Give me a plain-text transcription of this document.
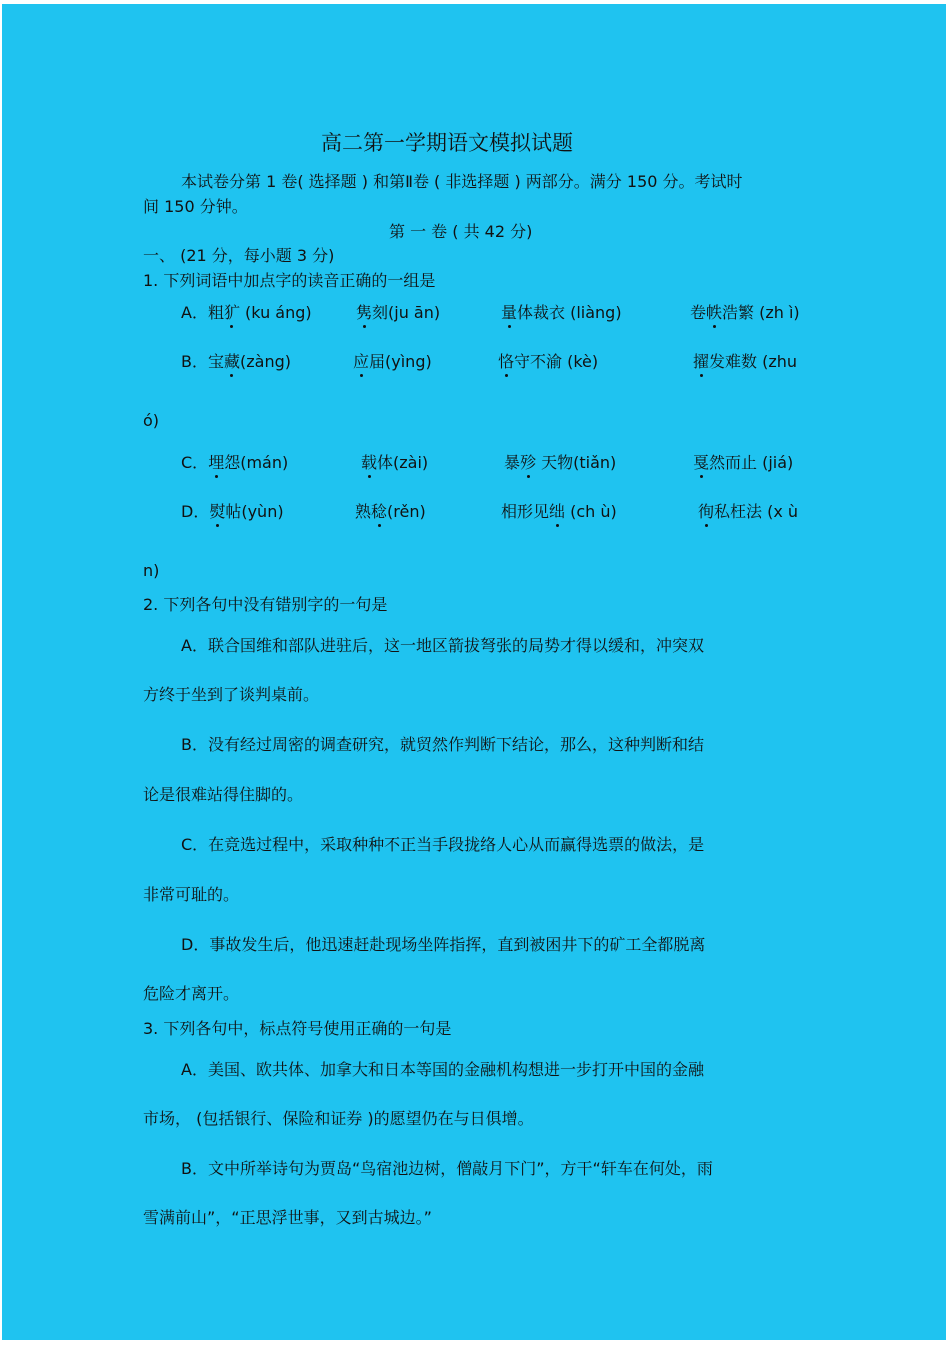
高二第一学期语文模拟试题
本试卷分第 1 卷( 选择题 ) 和第Ⅱ卷 ( 非选择题 ) 两部分。满分 150 分。考试时
间 150 分钟。
第 一 卷 ( 共 42 分)
一、 (21 分，每小题 3 分)
1. 下列词语中加点字的读音正确的一组是
A．粗犷 (ku áng)	隽刻(ju ān)	量体裁衣 (liàng)	卷帙浩繁 (zh ì)
B．宝藏(zàng)	应届(yìng)	恪守不渝 (kè)	擢发难数 (zhu
ó)
C．埋怨(mán)	载体(zài)	暴殄 天物(tiǎn)	戛然而止 (jiá)
D．熨帖(yùn)	熟稔(rěn)	相形见绌 (ch ù)	徇私枉法 (x ù
n)
2. 下列各句中没有错别字的一句是
A．联合国维和部队进驻后，这一地区箭拔弩张的局势才得以缓和，冲突双
方终于坐到了谈判桌前。
B．没有经过周密的调查研究，就贸然作判断下结论，那么，这种判断和结
论是很难站得住脚的。
C．在竞选过程中，采取种种不正当手段拢络人心从而赢得选票的做法，是
非常可耻的。
D．事故发生后，他迅速赶赴现场坐阵指挥，直到被困井下的矿工全都脱离
危险才离开。
3. 下列各句中，标点符号使用正确的一句是
A．美国、欧共体、加拿大和日本等国的金融机构想进一步打开中国的金融
市场， (包括银行、保险和证券 )的愿望仍在与日俱增。
B．文中所举诗句为贾岛“鸟宿池边树，僧敲月下门”，方干“轩车在何处，雨
雪满前山”，“正思浮世事，又到古城边。”
